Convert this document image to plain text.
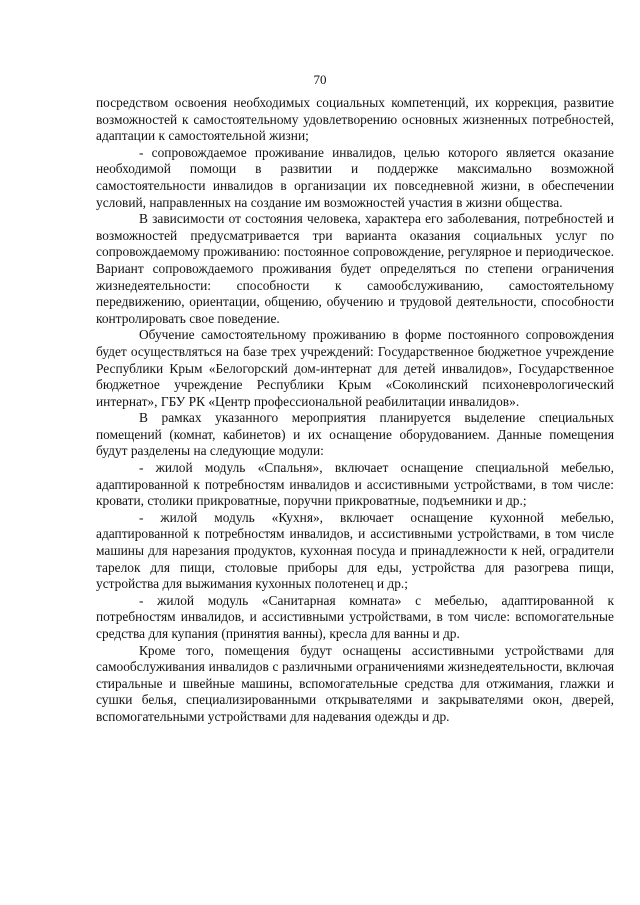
70

посредством освоения необходимых социальных компетенций, их коррекция, развитие возможностей к самостоятельному удовлетворению основных жизненных потребностей, адаптации к самостоятельной жизни;

- сопровождаемое проживание инвалидов, целью которого является оказание необходимой помощи в развитии и поддержке максимально возможной самостоятельности инвалидов в организации их повседневной жизни, в обеспечении условий, направленных на создание им возможностей участия в жизни общества.

В зависимости от состояния человека, характера его заболевания, потребностей и возможностей предусматривается три варианта оказания социальных услуг по сопровождаемому проживанию: постоянное сопровождение, регулярное и периодическое. Вариант сопровождаемого проживания будет определяться по степени ограничения жизнедеятельности: способности к самообслуживанию, самостоятельному передвижению, ориентации, общению, обучению и трудовой деятельности, способности контролировать свое поведение.

Обучение самостоятельному проживанию в форме постоянного сопровождения будет осуществляться на базе трех учреждений: Государственное бюджетное учреждение Республики Крым «Белогорский дом-интернат для детей инвалидов», Государственное бюджетное учреждение Республики Крым «Соколинский психоневрологический интернат», ГБУ РК «Центр профессиональной реабилитации инвалидов».

В рамках указанного мероприятия планируется выделение специальных помещений (комнат, кабинетов) и их оснащение оборудованием. Данные помещения будут разделены на следующие модули:

- жилой модуль «Спальня», включает оснащение специальной мебелью, адаптированной к потребностям инвалидов и ассистивными устройствами, в том числе: кровати, столики прикроватные, поручни прикроватные, подъемники и др.;

- жилой модуль «Кухня», включает оснащение кухонной мебелью, адаптированной к потребностям инвалидов, и ассистивными устройствами, в том числе машины для нарезания продуктов, кухонная посуда и принадлежности к ней, оградители тарелок для пищи, столовые приборы для еды, устройства для разогрева пищи, устройства для выжимания кухонных полотенец и др.;

- жилой модуль «Санитарная комната» с мебелью, адаптированной к потребностям инвалидов, и ассистивными устройствами, в том числе: вспомогательные средства для купания (принятия ванны), кресла для ванны и др.

Кроме того, помещения будут оснащены ассистивными устройствами для самообслуживания инвалидов с различными ограничениями жизнедеятельности, включая стиральные и швейные машины, вспомогательные средства для отжимания, глажки и сушки белья, специализированными открывателями и закрывателями окон, дверей, вспомогательными устройствами для надевания одежды и др.
